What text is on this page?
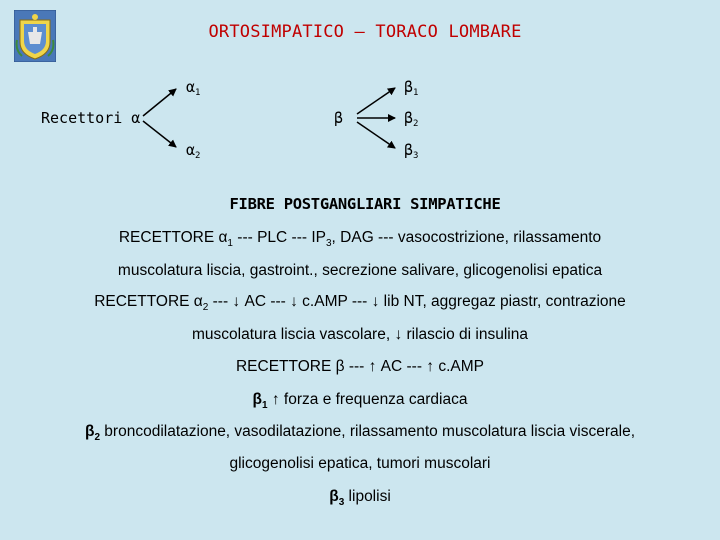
ORTOSIMPATICO – TORACO LOMBARE
$\alpha_1$
Recettori α
$\alpha_2$
β
$\beta_1$
$\beta_2$
$\beta_3$
FIBRE POSTGANGLIARI SIMPATICHE
RECETTORE $\alpha_1$ --- PLC --- $IP_3$, DAG --- vasocostrizione, rilassamento
muscolatura liscia, gastroint., secrezione salivare, glicogenolisi epatica
RECETTORE $\alpha_2$ --- ↓ AC --- ↓ c.AMP --- ↓ lib NT, aggregaz piastr, contrazione
muscolatura liscia vascolare, ↓ rilascio di insulina
RECETTORE β --- ↑ AC --- ↑ c.AMP
$\beta_1$ ↑ forza e frequenza cardiaca
$\beta_2$ broncodilatazione, vasodilatazione, rilassamento muscolatura liscia viscerale,
glicogenolisi epatica, tumori muscolari
$\beta_3$ lipolisi
